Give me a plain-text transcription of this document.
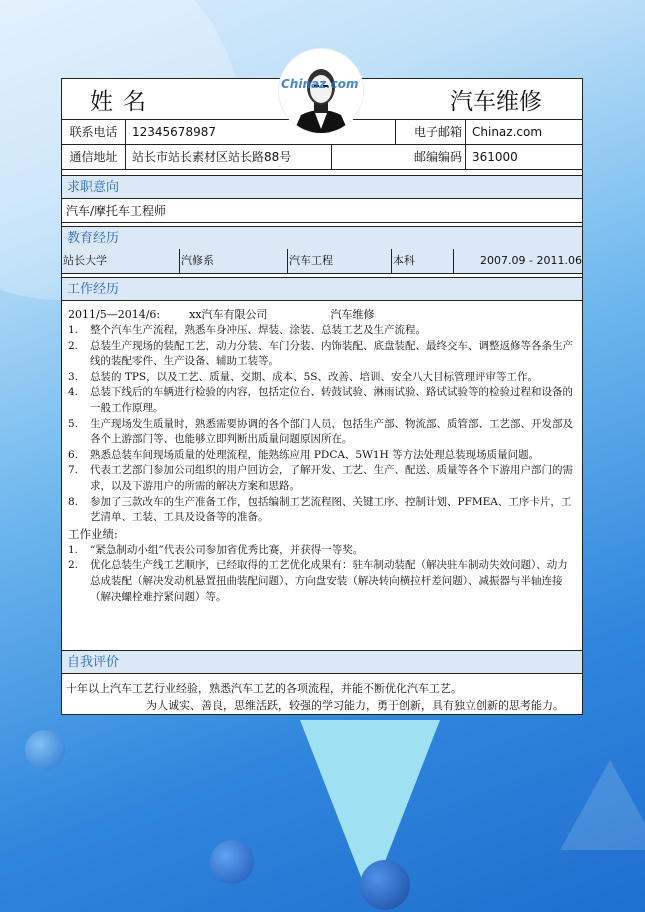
姓名	汽车维修
联系电话	12345678987	电子邮箱 Chinaz.com
通信地址	站长市站长素材区站长路88号	邮编编码 361000
求职意向
汽车/摩托车工程师
教育经历
站长大学	汽修系	汽车工程	本科	2007.09 - 2011.06
工作经历
2011/5—2014/6:	xx汽车有限公司	汽车维修
1. 整个汽车生产流程，熟悉车身冲压、焊装、涂装、总装工艺及生产流程。
2. 总装生产现场的装配工艺，动力分装、车门分装、内饰装配、底盘装配、最终交车、调整返修等各条生产线的装配零件、生产设备、辅助工装等。
3. 总装的 TPS，以及工艺、质量、交期、成本、5S、改善、培训、安全八大目标管理评审等工作。
4. 总装下线后的车辆进行检验的内容，包括定位台、转鼓试验、淋雨试验、路试试验等的检验过程和设备的一般工作原理。
5. 生产现场发生质量时，熟悉需要协调的各个部门人员，包括生产部、物流部、质管部、工艺部、开发部及各个上游部门等、也能够立即判断出质量问题原因所在。
6. 熟悉总装车间现场质量的处理流程，能熟练应用 PDCA、5W1H 等方法处理总装现场质量问题。
7. 代表工艺部门参加公司组织的用户回访会，了解开发、工艺、生产、配送、质量等各个下游用户部门的需求，以及下游用户的所需的解决方案和思路。
8. 参加了三款改车的生产准备工作，包括编制工艺流程图、关键工序、控制计划、PFMEA、工序卡片，工艺清单、工装、工具及设备等的准备。
工作业绩:
1. “紧急制动小组”代表公司参加省优秀比赛，并获得一等奖。
2. 优化总装生产线工艺顺序，已经取得的工艺优化成果有：驻车制动装配（解决驻车制动失效问题）、动力总成装配（解决发动机悬置扭曲装配问题）、方向盘安装（解决转向横拉杆差问题）、减振器与半轴连接（解决螺栓难拧紧问题）等。
自我评价
十年以上汽车工艺行业经验，熟悉汽车工艺的各项流程，并能不断优化汽车工艺。
为人诚实、善良，思维活跃，较强的学习能力，勇于创新，具有独立创新的思考能力。
Chinaz.com
